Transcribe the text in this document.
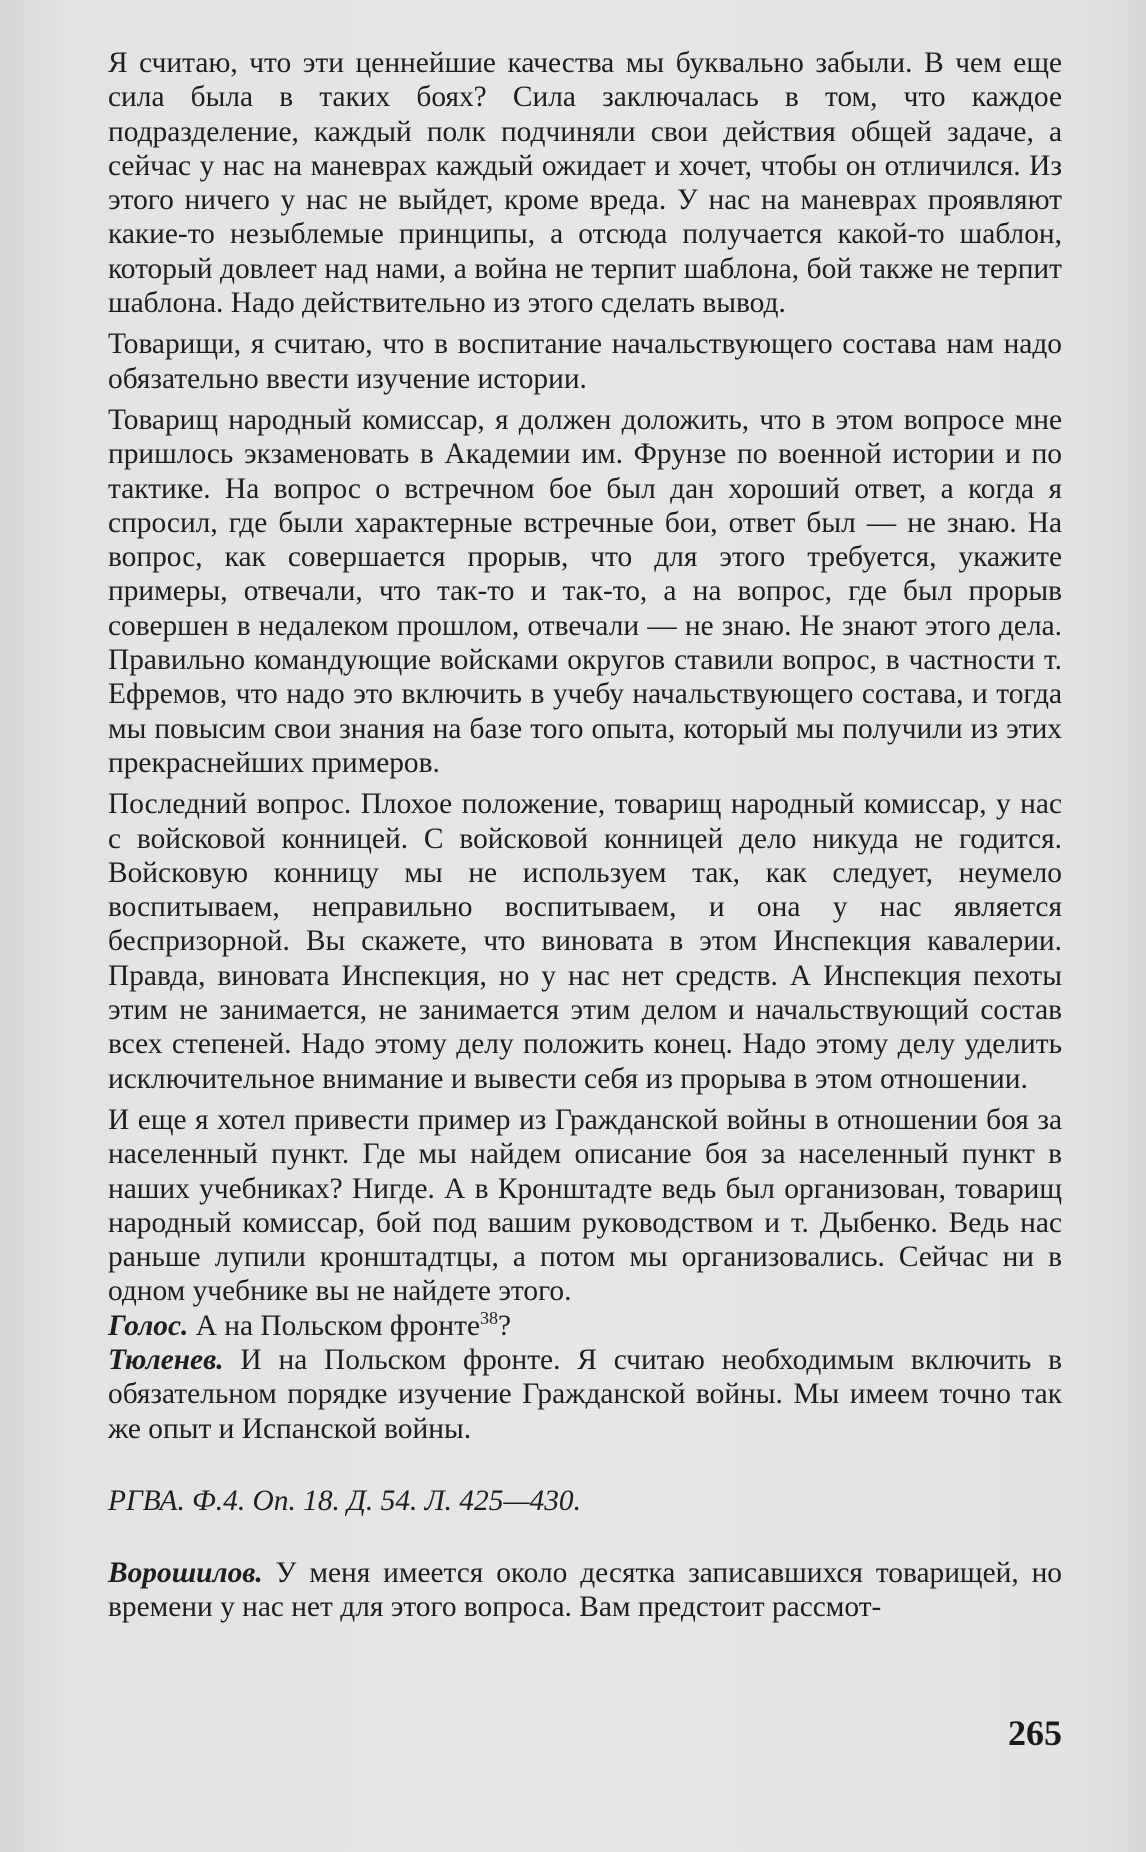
Я считаю, что эти ценнейшие качества мы буквально забыли. В чем еще сила была в таких боях? Сила заключалась в том, что каждое подразделение, каждый полк подчиняли свои действия общей задаче, а сейчас у нас на маневрах каждый ожидает и хочет, чтобы он отличился. Из этого ничего у нас не выйдет, кроме вреда. У нас на маневрах проявляют какие-то незыблемые принципы, а отсюда получается какой-то шаблон, который довлеет над нами, а война не терпит шаблона, бой также не терпит шаблона. Надо действительно из этого сделать вывод.

Товарищи, я считаю, что в воспитание начальствующего состава нам надо обязательно ввести изучение истории.

Товарищ народный комиссар, я должен доложить, что в этом вопросе мне пришлось экзаменовать в Академии им. Фрунзе по военной истории и по тактике. На вопрос о встречном бое был дан хороший ответ, а когда я спросил, где были характерные встречные бои, ответ был — не знаю. На вопрос, как совершается прорыв, что для этого требуется, укажите примеры, отвечали, что так-то и так-то, а на вопрос, где был прорыв совершен в недалеком прошлом, отвечали — не знаю. Не знают этого дела. Правильно командующие войсками округов ставили вопрос, в частности т. Ефремов, что надо это включить в учебу начальствующего состава, и тогда мы повысим свои знания на базе того опыта, который мы получили из этих прекраснейших примеров.

Последний вопрос. Плохое положение, товарищ народный комиссар, у нас с войсковой конницей. С войсковой конницей дело никуда не годится. Войсковую конницу мы не используем так, как следует, неумело воспитываем, неправильно воспитываем, и она у нас является беспризорной. Вы скажете, что виновата в этом Инспекция кавалерии. Правда, виновата Инспекция, но у нас нет средств. А Инспекция пехоты этим не занимается, не занимается этим делом и начальствующий состав всех степеней. Надо этому делу положить конец. Надо этому делу уделить исключительное внимание и вывести себя из прорыва в этом отношении.

И еще я хотел привести пример из Гражданской войны в отношении боя за населенный пункт. Где мы найдем описание боя за населенный пункт в наших учебниках? Нигде. А в Кронштадте ведь был организован, товарищ народный комиссар, бой под вашим руководством и т. Дыбенко. Ведь нас раньше лупили кронштадтцы, а потом мы организовались. Сейчас ни в одном учебнике вы не найдете этого.

Голос. А на Польском фронте$^{38}$?

Тюленев. И на Польском фронте. Я считаю необходимым включить в обязательном порядке изучение Гражданской войны. Мы имеем точно так же опыт и Испанской войны.

РГВА. Ф.4. Оп. 18. Д. 54. Л. 425—430.

Ворошилов. У меня имеется около десятка записавшихся товарищей, но времени у нас нет для этого вопроса. Вам предстоит рассмот-

265
